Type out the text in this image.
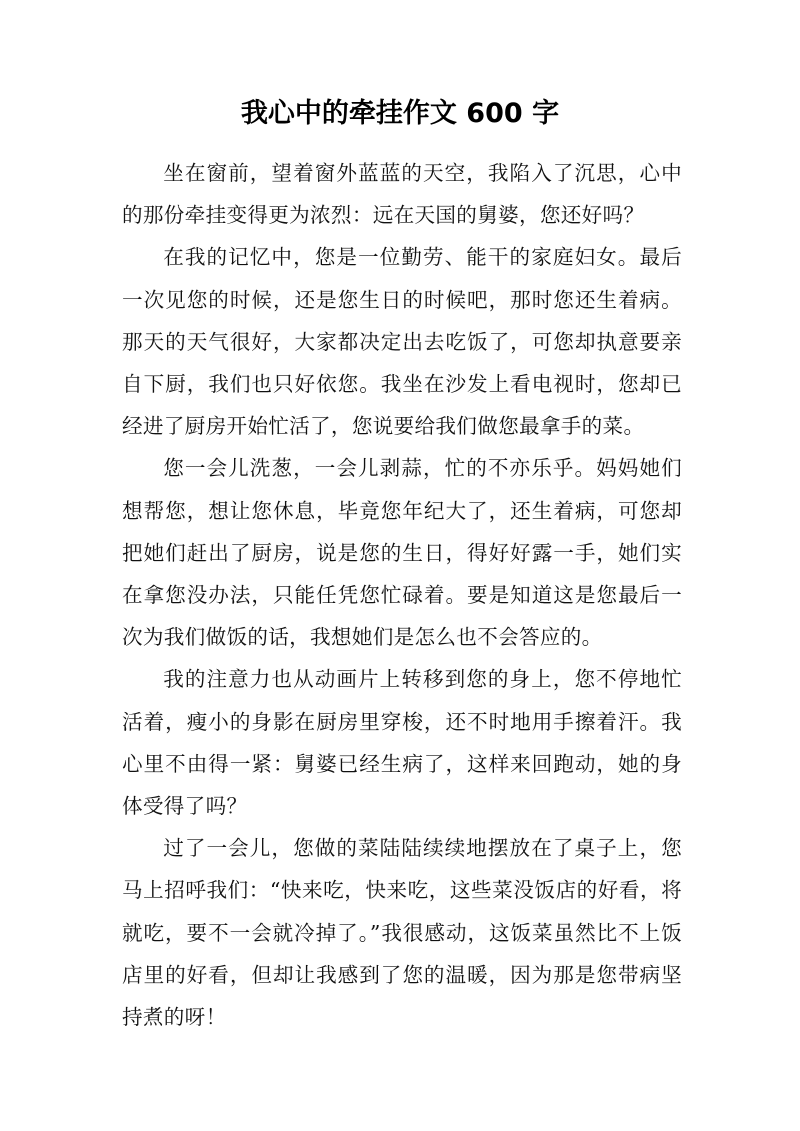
我心中的牵挂作文 600 字

坐在窗前，望着窗外蓝蓝的天空，我陷入了沉思，心中的那份牵挂变得更为浓烈：远在天国的舅婆，您还好吗？

在我的记忆中，您是一位勤劳、能干的家庭妇女。最后一次见您的时候，还是您生日的时候吧，那时您还生着病。那天的天气很好，大家都决定出去吃饭了，可您却执意要亲自下厨，我们也只好依您。我坐在沙发上看电视时，您却已经进了厨房开始忙活了，您说要给我们做您最拿手的菜。

您一会儿洗葱，一会儿剥蒜，忙的不亦乐乎。妈妈她们想帮您，想让您休息，毕竟您年纪大了，还生着病，可您却把她们赶出了厨房，说是您的生日，得好好露一手，她们实在拿您没办法，只能任凭您忙碌着。要是知道这是您最后一次为我们做饭的话，我想她们是怎么也不会答应的。

我的注意力也从动画片上转移到您的身上，您不停地忙活着，瘦小的身影在厨房里穿梭，还不时地用手擦着汗。我心里不由得一紧：舅婆已经生病了，这样来回跑动，她的身体受得了吗？

过了一会儿，您做的菜陆陆续续地摆放在了桌子上，您马上招呼我们：“快来吃，快来吃，这些菜没饭店的好看，将就吃，要不一会就冷掉了。”我很感动，这饭菜虽然比不上饭店里的好看，但却让我感到了您的温暖，因为那是您带病坚持煮的呀！
